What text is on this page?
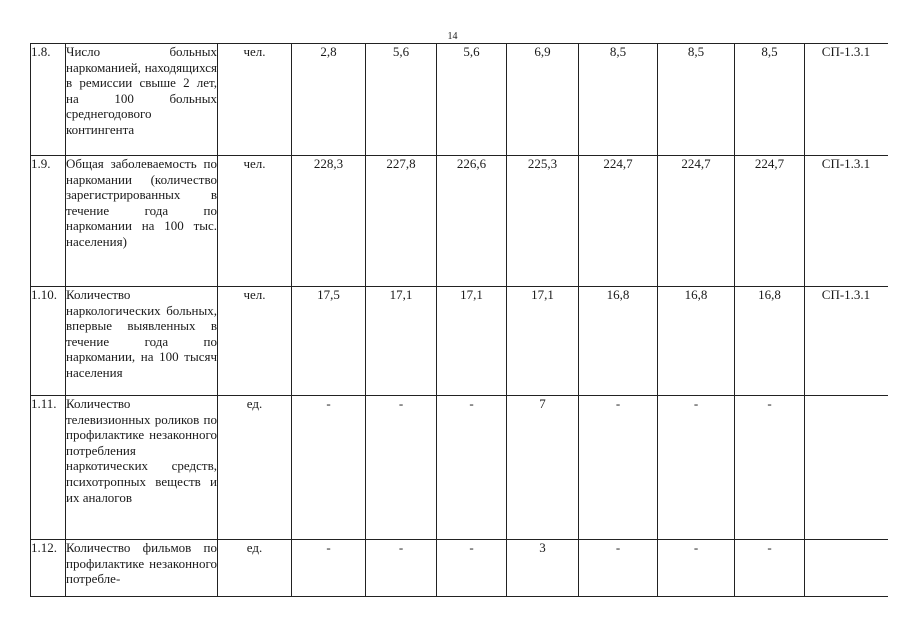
14
1.8.	Число больных наркоманией, находящихся в ремиссии свыше 2 лет, на 100 больных среднегодового контингента	чел.	2,8	5,6	5,6	6,9	8,5	8,5	8,5	СП-1.3.1
1.9.	Общая заболеваемость по наркомании (количество зарегистрированных в течение года по наркомании на 100 тыс. населения)	чел.	228,3	227,8	226,6	225,3	224,7	224,7	224,7	СП-1.3.1
1.10.	Количество наркологических больных, впервые выявленных в течение года по наркомании, на 100 тысяч населения	чел.	17,5	17,1	17,1	17,1	16,8	16,8	16,8	СП-1.3.1
1.11.	Количество телевизионных роликов по профилактике незаконного потребления наркотических средств, психотропных веществ и их аналогов	ед.	-	-	-	7	-	-	-	
1.12.	Количество фильмов по профилактике незаконного потребле-	ед.	-	-	-	3	-	-	-	
